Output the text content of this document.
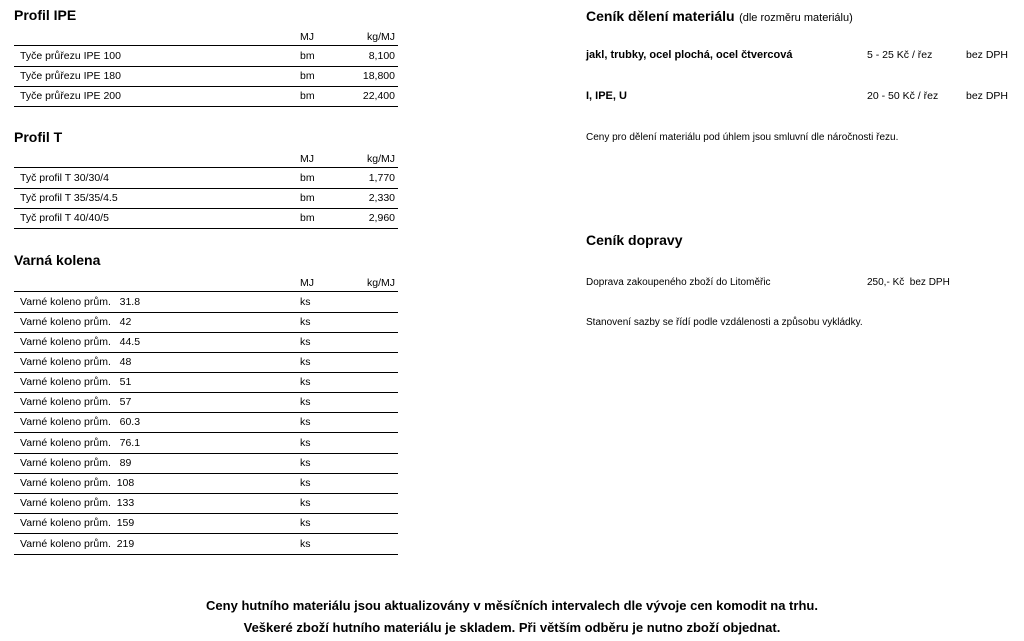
Profil IPE
MJ	kg/MJ
Tyče průřezu IPE 100	bm	8,100
Tyče průřezu IPE 180	bm	18,800
Tyče průřezu IPE 200	bm	22,400
Profil T
MJ	kg/MJ
Tyč profil T 30/30/4	bm	1,770
Tyč profil T 35/35/4.5	bm	2,330
Tyč profil T 40/40/5	bm	2,960
Varná kolena
MJ	kg/MJ
Varné koleno prům.   31.8	ks
Varné koleno prům.   42	ks
Varné koleno prům.   44.5	ks
Varné koleno prům.   48	ks
Varné koleno prům.   51	ks
Varné koleno prům.   57	ks
Varné koleno prům.   60.3	ks
Varné koleno prům.   76.1	ks
Varné koleno prům.   89	ks
Varné koleno prům.  108	ks
Varné koleno prům.  133	ks
Varné koleno prům.  159	ks
Varné koleno prům.  219	ks
Ceník dělení materiálu (dle rozměru materiálu)
jakl, trubky, ocel plochá, ocel čtvercová	5 - 25 Kč / řez	bez DPH
I, IPE, U	20 - 50 Kč / řez	bez DPH
Ceny pro dělení materiálu pod úhlem jsou smluvní dle náročnosti řezu.
Ceník dopravy
Doprava zakoupeného zboží do Litoměřic	250,- Kč  bez DPH
Stanovení sazby se řídí podle vzdálenosti a způsobu vykládky.
Ceny hutního materiálu jsou aktualizovány v měsíčních intervalech dle vývoje cen komodit na trhu.
Veškeré zboží hutního materiálu je skladem. Při větším odběru je nutno zboží objednat.
